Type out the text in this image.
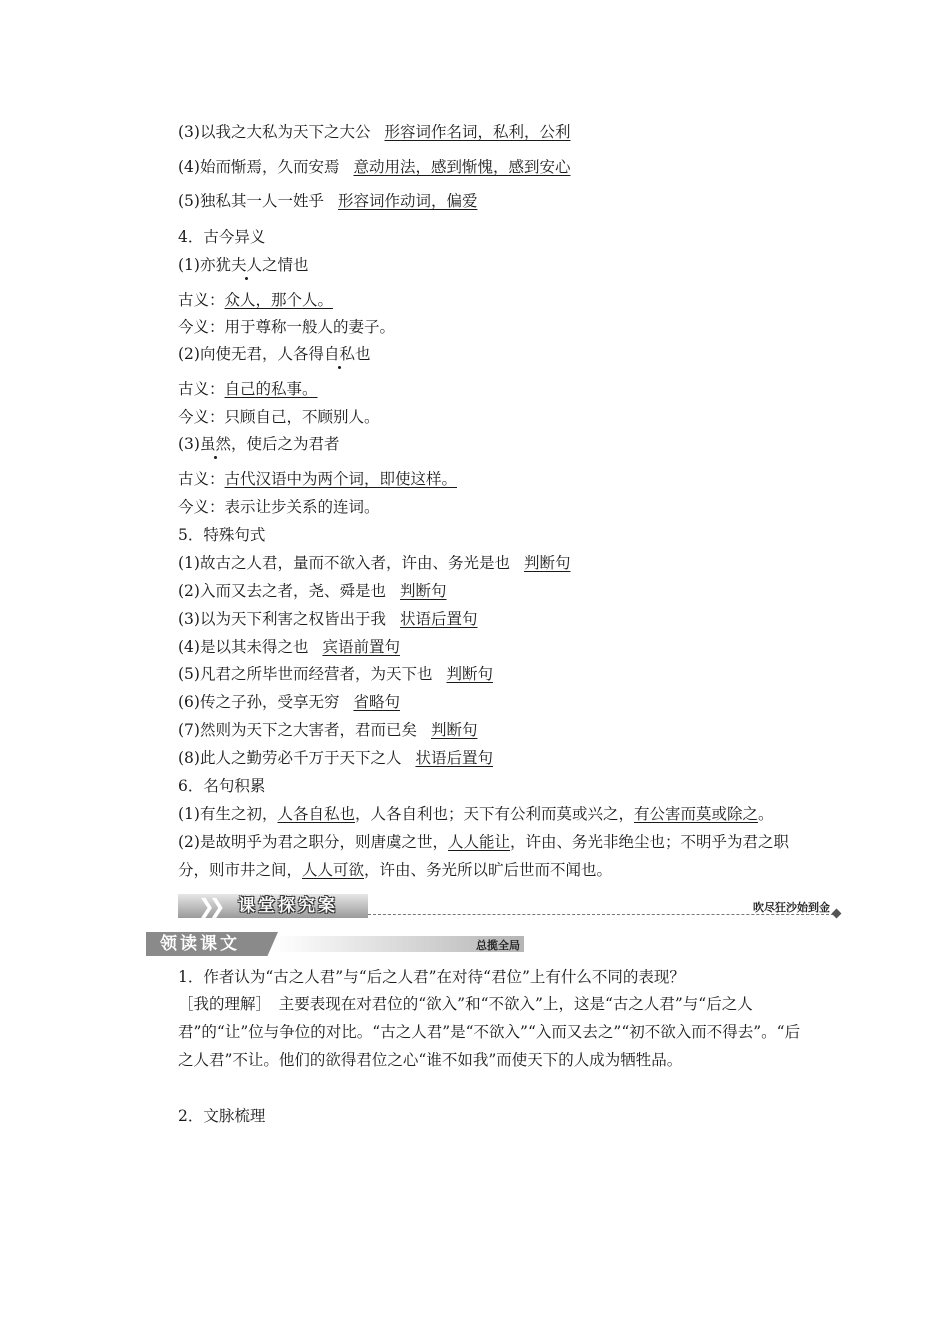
(3)以我之大私为天下之大公 形容词作名词，私利，公利
(4)始而惭焉，久而安焉 意动用法，感到惭愧，感到安心
(5)独私其一人一姓乎 形容词作动词，偏爱
4．古今异义
(1)亦犹夫人之情也
古义：众人，那个人。
今义：用于尊称一般人的妻子。
(2)向使无君，人各得自私也
古义：自己的私事。
今义：只顾自己，不顾别人。
(3)虽然，使后之为君者
古义：古代汉语中为两个词，即使这样。
今义：表示让步关系的连词。
5．特殊句式
(1)故古之人君，量而不欲入者，许由、务光是也 判断句
(2)入而又去之者，尧、舜是也 判断句
(3)以为天下利害之权皆出于我 状语后置句
(4)是以其未得之也 宾语前置句
(5)凡君之所毕世而经营者，为天下也 判断句
(6)传之子孙，受享无穷 省略句
(7)然则为天下之大害者，君而已矣 判断句
(8)此人之勤劳必千万于天下之人 状语后置句
6．名句积累
(1)有生之初，人各自私也，人各自利也；天下有公利而莫或兴之，有公害而莫或除之。
(2)是故明乎为君之职分，则唐虞之世，人人能让，许由、务光非绝尘也；不明乎为君之职分，则市井之间，人人可欲，许由、务光所以旷后世而不闻也。
❯❯ 课堂探究案	吹尽狂沙始到金
领读课文	总揽全局
1．作者认为“古之人君”与“后之人君”在对待“君位”上有什么不同的表现？
［我的理解］　主要表现在对君位的“欲入”和“不欲入”上，这是“古之人君”与“后之人君”的“让”位与争位的对比。“古之人君”是“不欲入”“入而又去之”“初不欲入而不得去”。“后之人君”不让。他们的欲得君位之心“谁不如我”而使天下的人成为牺牲品。
2．文脉梳理
